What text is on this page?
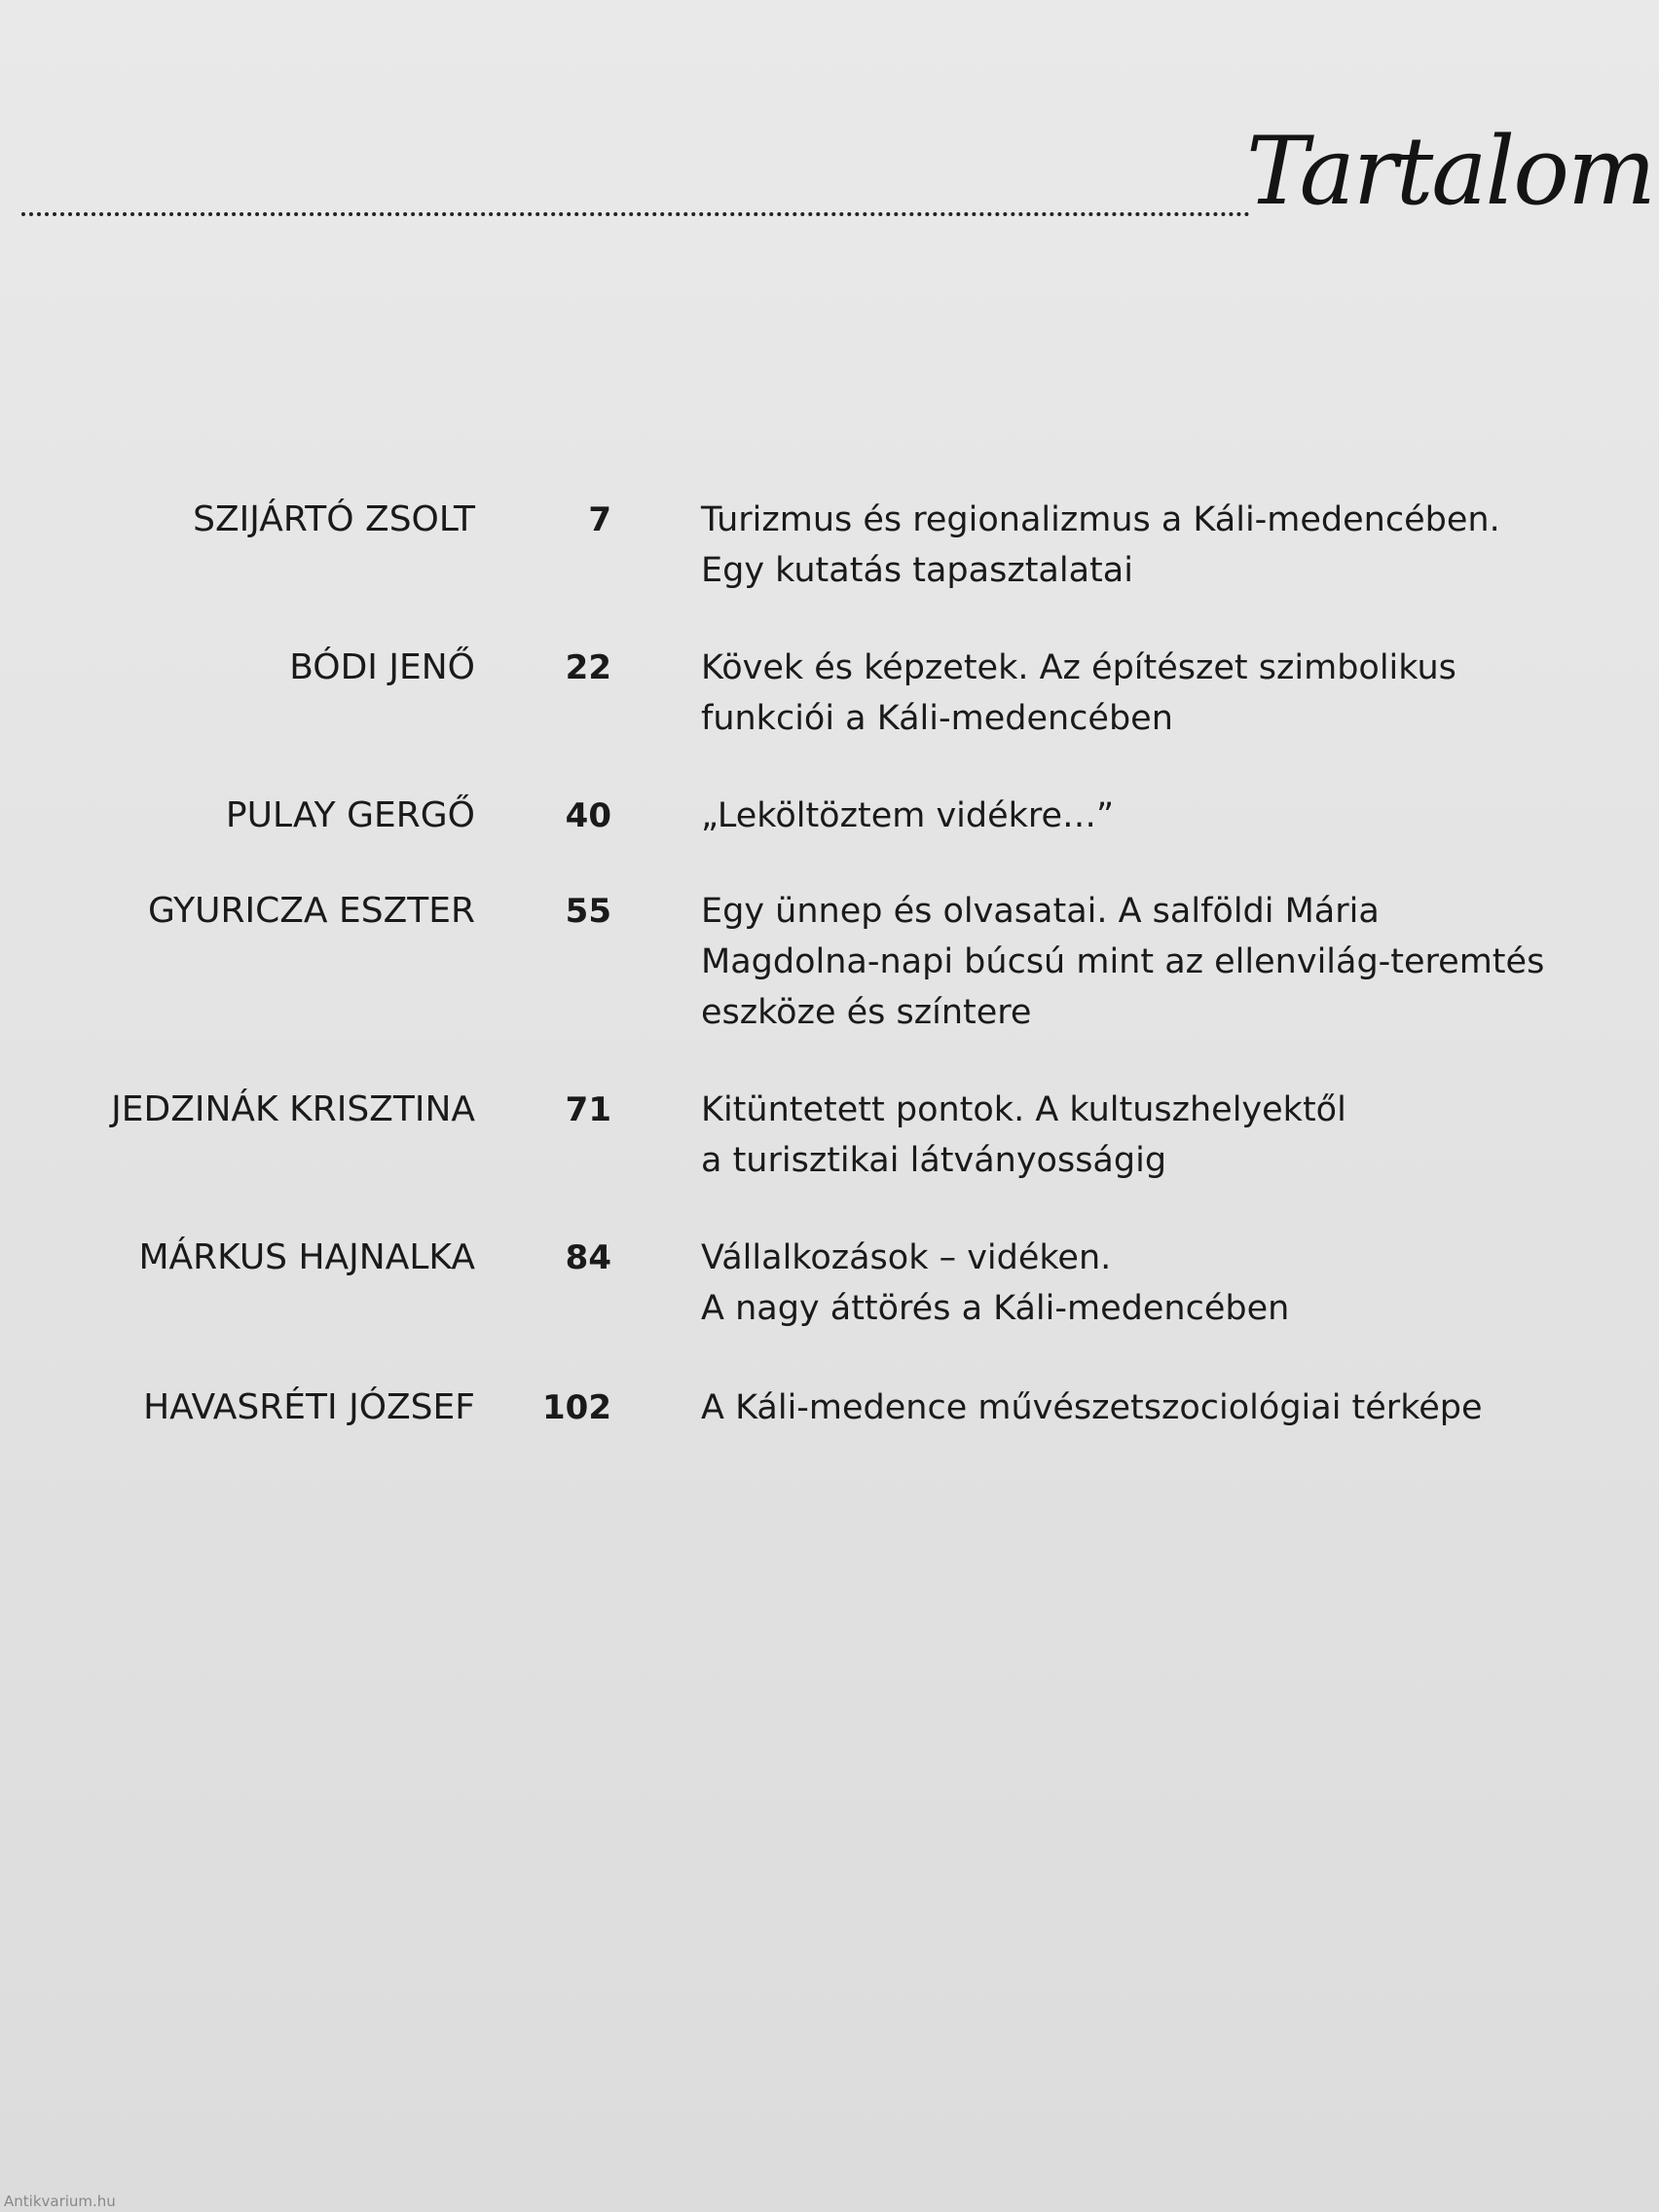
Tartalom
SZIJÁRTÓ ZSOLT	7	Turizmus és regionalizmus a Káli-medencében.
Egy kutatás tapasztalatai
BÓDI JENŐ	22	Kövek és képzetek. Az építészet szimbolikus
funkciói a Káli-medencében
PULAY GERGŐ	40	„Leköltöztem vidékre…”
GYURICZA ESZTER	55	Egy ünnep és olvasatai. A salföldi Mária
Magdolna-napi búcsú mint az ellenvilág-teremtés
eszköze és színtere
JEDZINÁK KRISZTINA	71	Kitüntetett pontok. A kultuszhelyektől
a turisztikai látványosságig
MÁRKUS HAJNALKA	84	Vállalkozások – vidéken.
A nagy áttörés a Káli-medencében
HAVASRÉTI JÓZSEF	102	A Káli-medence művészetszociológiai térképe
Antikvarium.hu
